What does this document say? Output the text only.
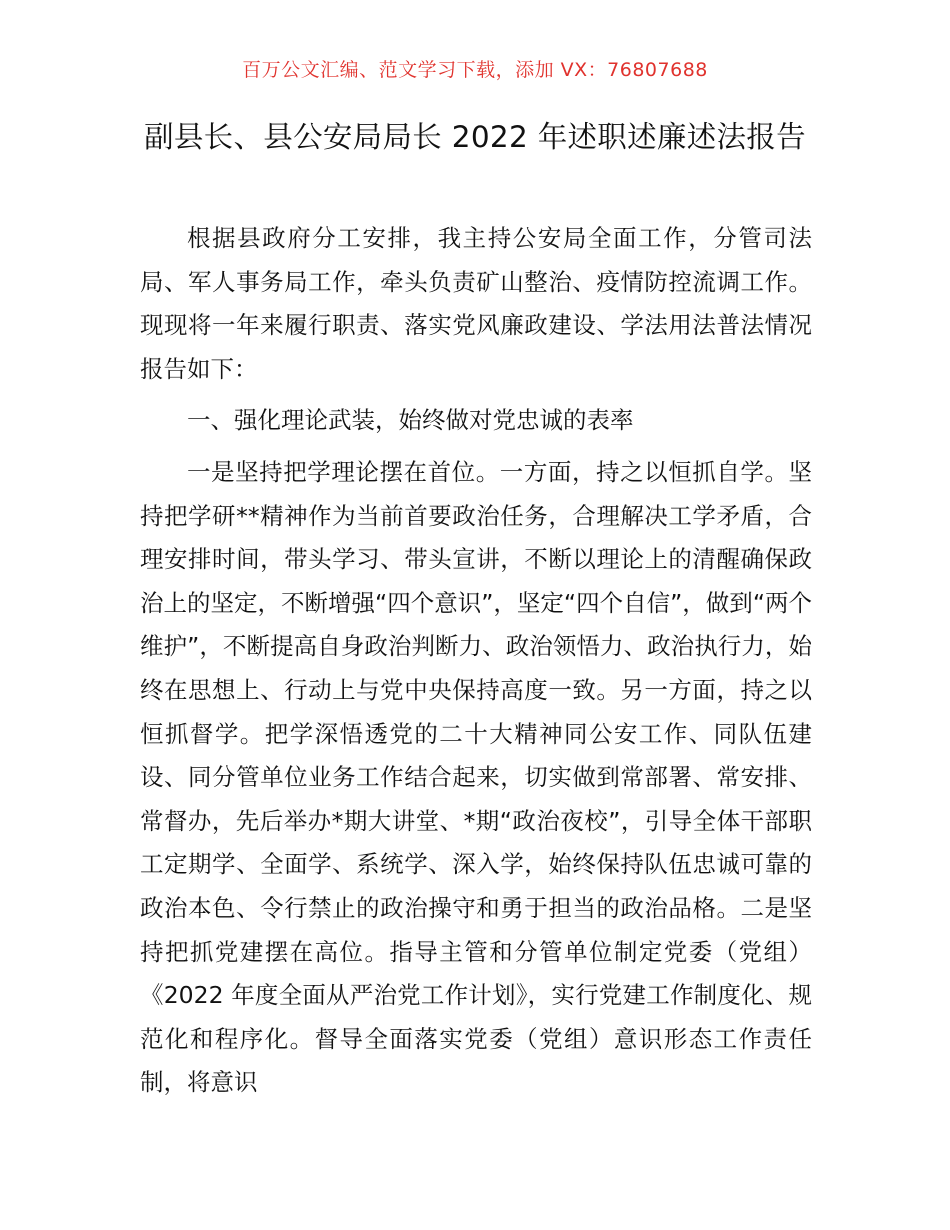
百万公文汇编、范文学习下载，添加 VX：76807688
副县长、县公安局局长 2022 年述职述廉述法报告

根据县政府分工安排，我主持公安局全面工作，分管司法局、军人事务局工作，牵头负责矿山整治、疫情防控流调工作。现现将一年来履行职责、落实党风廉政建设、学法用法普法情况报告如下：

一、强化理论武装，始终做对党忠诚的表率

一是坚持把学理论摆在首位。一方面，持之以恒抓自学。坚持把学研**精神作为当前首要政治任务，合理解决工学矛盾，合理安排时间，带头学习、带头宣讲，不断以理论上的清醒确保政治上的坚定，不断增强“四个意识”，坚定“四个自信”，做到“两个维护”，不断提高自身政治判断力、政治领悟力、政治执行力，始终在思想上、行动上与党中央保持高度一致。另一方面，持之以恒抓督学。把学深悟透党的二十大精神同公安工作、同队伍建设、同分管单位业务工作结合起来，切实做到常部署、常安排、常督办，先后举办*期大讲堂、*期“政治夜校”，引导全体干部职工定期学、全面学、系统学、深入学，始终保持队伍忠诚可靠的政治本色、令行禁止的政治操守和勇于担当的政治品格。二是坚持把抓党建摆在高位。指导主管和分管单位制定党委（党组）《2022 年度全面从严治党工作计划》，实行党建工作制度化、规范化和程序化。督导全面落实党委（党组）意识形态工作责任制，将意识
